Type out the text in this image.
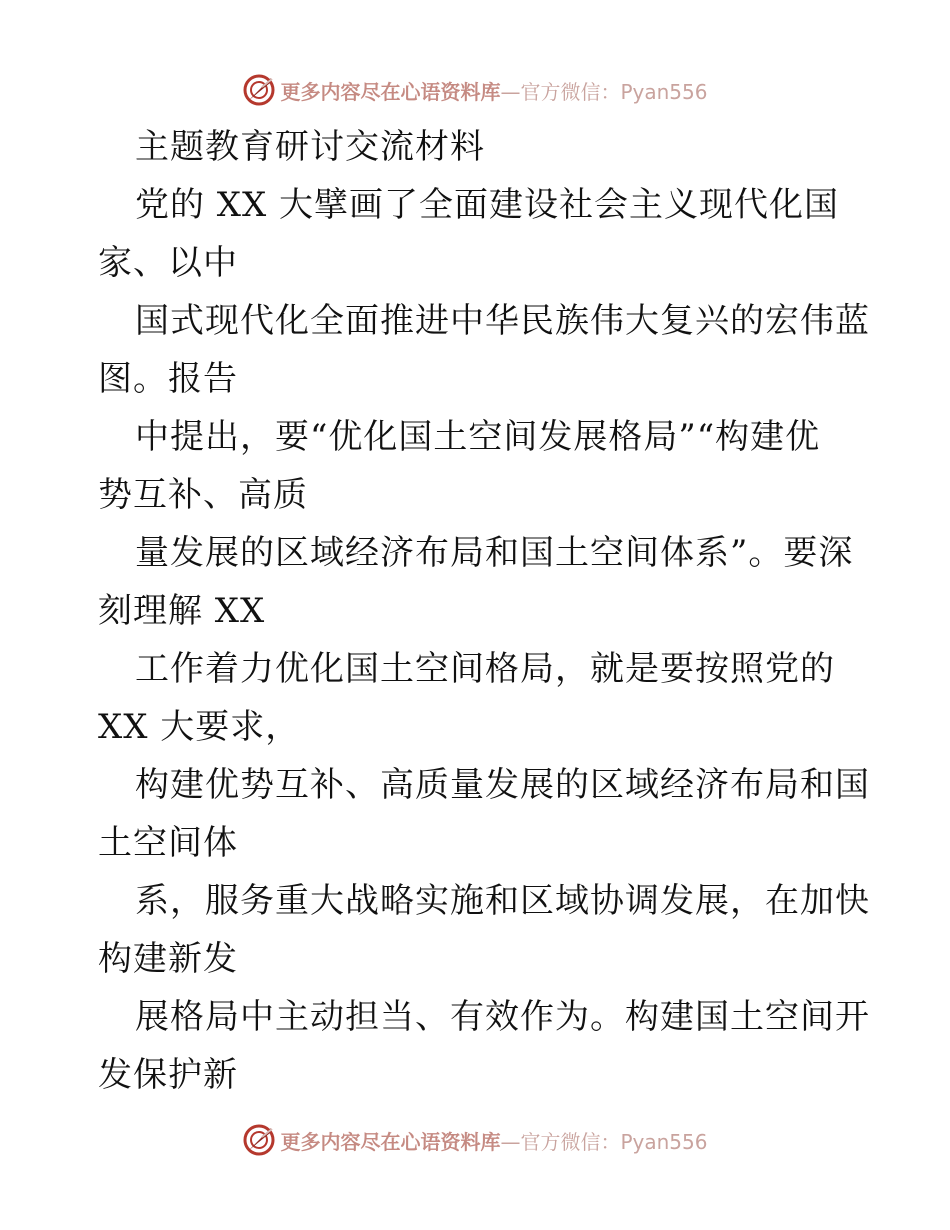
更多内容尽在心语资料库—官方微信：Pyan556
主题教育研讨交流材料
党的 XX 大擘画了全面建设社会主义现代化国
家、以中
国式现代化全面推进中华民族伟大复兴的宏伟蓝
图。报告
中提出，要“优化国土空间发展格局”“构建优
势互补、高质
量发展的区域经济布局和国土空间体系”。要深
刻理解 XX
工作着力优化国土空间格局，就是要按照党的
XX 大要求，
构建优势互补、高质量发展的区域经济布局和国
土空间体
系，服务重大战略实施和区域协调发展，在加快
构建新发
展格局中主动担当、有效作为。构建国土空间开
发保护新
更多内容尽在心语资料库—官方微信：Pyan556
